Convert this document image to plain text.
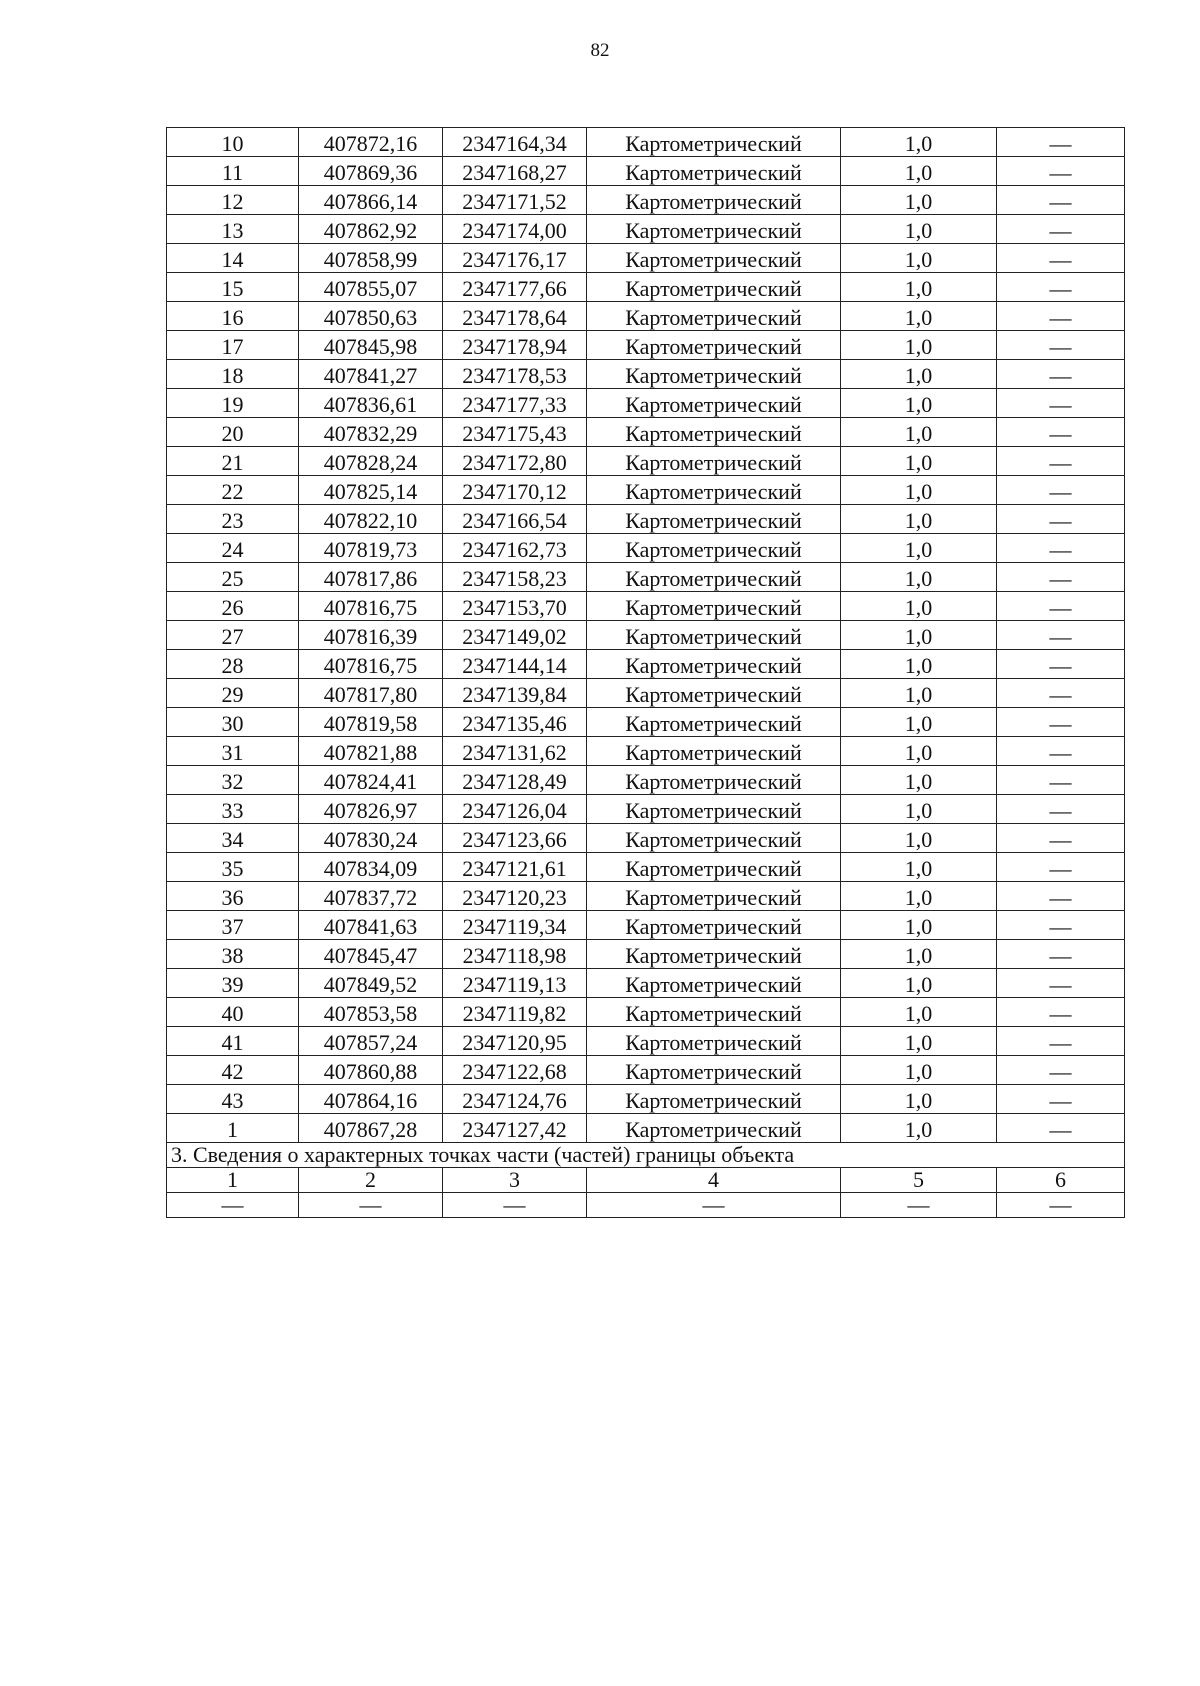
82
10	407872,16	2347164,34	Картометрический	1,0	—
11	407869,36	2347168,27	Картометрический	1,0	—
12	407866,14	2347171,52	Картометрический	1,0	—
13	407862,92	2347174,00	Картометрический	1,0	—
14	407858,99	2347176,17	Картометрический	1,0	—
15	407855,07	2347177,66	Картометрический	1,0	—
16	407850,63	2347178,64	Картометрический	1,0	—
17	407845,98	2347178,94	Картометрический	1,0	—
18	407841,27	2347178,53	Картометрический	1,0	—
19	407836,61	2347177,33	Картометрический	1,0	—
20	407832,29	2347175,43	Картометрический	1,0	—
21	407828,24	2347172,80	Картометрический	1,0	—
22	407825,14	2347170,12	Картометрический	1,0	—
23	407822,10	2347166,54	Картометрический	1,0	—
24	407819,73	2347162,73	Картометрический	1,0	—
25	407817,86	2347158,23	Картометрический	1,0	—
26	407816,75	2347153,70	Картометрический	1,0	—
27	407816,39	2347149,02	Картометрический	1,0	—
28	407816,75	2347144,14	Картометрический	1,0	—
29	407817,80	2347139,84	Картометрический	1,0	—
30	407819,58	2347135,46	Картометрический	1,0	—
31	407821,88	2347131,62	Картометрический	1,0	—
32	407824,41	2347128,49	Картометрический	1,0	—
33	407826,97	2347126,04	Картометрический	1,0	—
34	407830,24	2347123,66	Картометрический	1,0	—
35	407834,09	2347121,61	Картометрический	1,0	—
36	407837,72	2347120,23	Картометрический	1,0	—
37	407841,63	2347119,34	Картометрический	1,0	—
38	407845,47	2347118,98	Картометрический	1,0	—
39	407849,52	2347119,13	Картометрический	1,0	—
40	407853,58	2347119,82	Картометрический	1,0	—
41	407857,24	2347120,95	Картометрический	1,0	—
42	407860,88	2347122,68	Картометрический	1,0	—
43	407864,16	2347124,76	Картометрический	1,0	—
1	407867,28	2347127,42	Картометрический	1,0	—
3. Сведения о характерных точках части (частей) границы объекта					
1	2	3	4	5	6
—	—	—	—	—	—
